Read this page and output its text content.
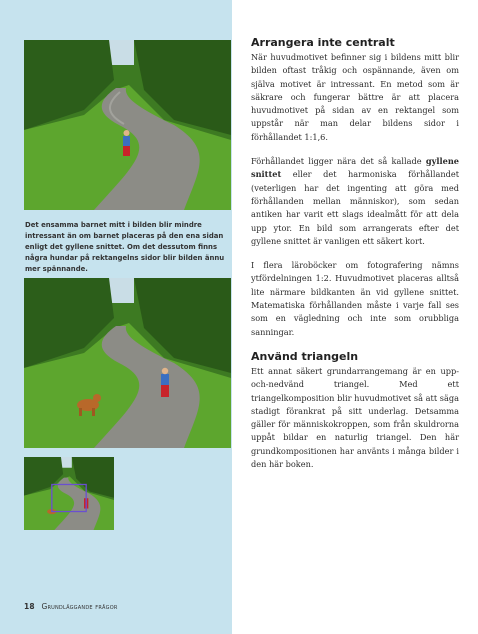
Det ensamma barnet mitt i bilden blir mindre intressant än om barnet placeras på den ena sidan enligt det gyllene snittet. Om det dessutom finns några hundar på rektangelns sidor blir bilden ännu mer spännande.
18 Grundläggande frågor
Arrangera inte centralt

När huvudmotivet befinner sig i bildens mitt blir bilden oftast tråkig och ospännande, även om själva motivet är intressant. En metod som är säkrare och fungerar bättre är att placera huvudmotivet på sidan av en rektangel som uppstår när man delar bildens sidor i förhållandet 1:1,6.

Förhållandet ligger nära det så kallade gyllene snittet eller det harmoniska förhållandet (veterligen har det ingenting att göra med förhållanden mellan människor), som sedan antiken har varit ett slags idealmått för att dela upp ytor. En bild som arrangerats efter det gyllene snittet är vanligen ett säkert kort.

I flera läroböcker om fotografering nämns ytfördelningen 1:2. Huvudmotivet placeras alltså lite närmare bildkanten än vid gyllene snittet. Matematiska förhållanden måste i varje fall ses som en vägledning och inte som orubbliga sanningar.

Använd triangeln

Ett annat säkert grundarrangemang är en upp-och-nedvänd triangel. Med ett triangelkomposition blir huvudmotivet så att säga stadigt förankrat på sitt underlag. Detsamma gäller för människokroppen, som från skuldrorna uppåt bildar en naturlig triangel. Den här grundkompositionen har använts i många bilder i den här boken.
